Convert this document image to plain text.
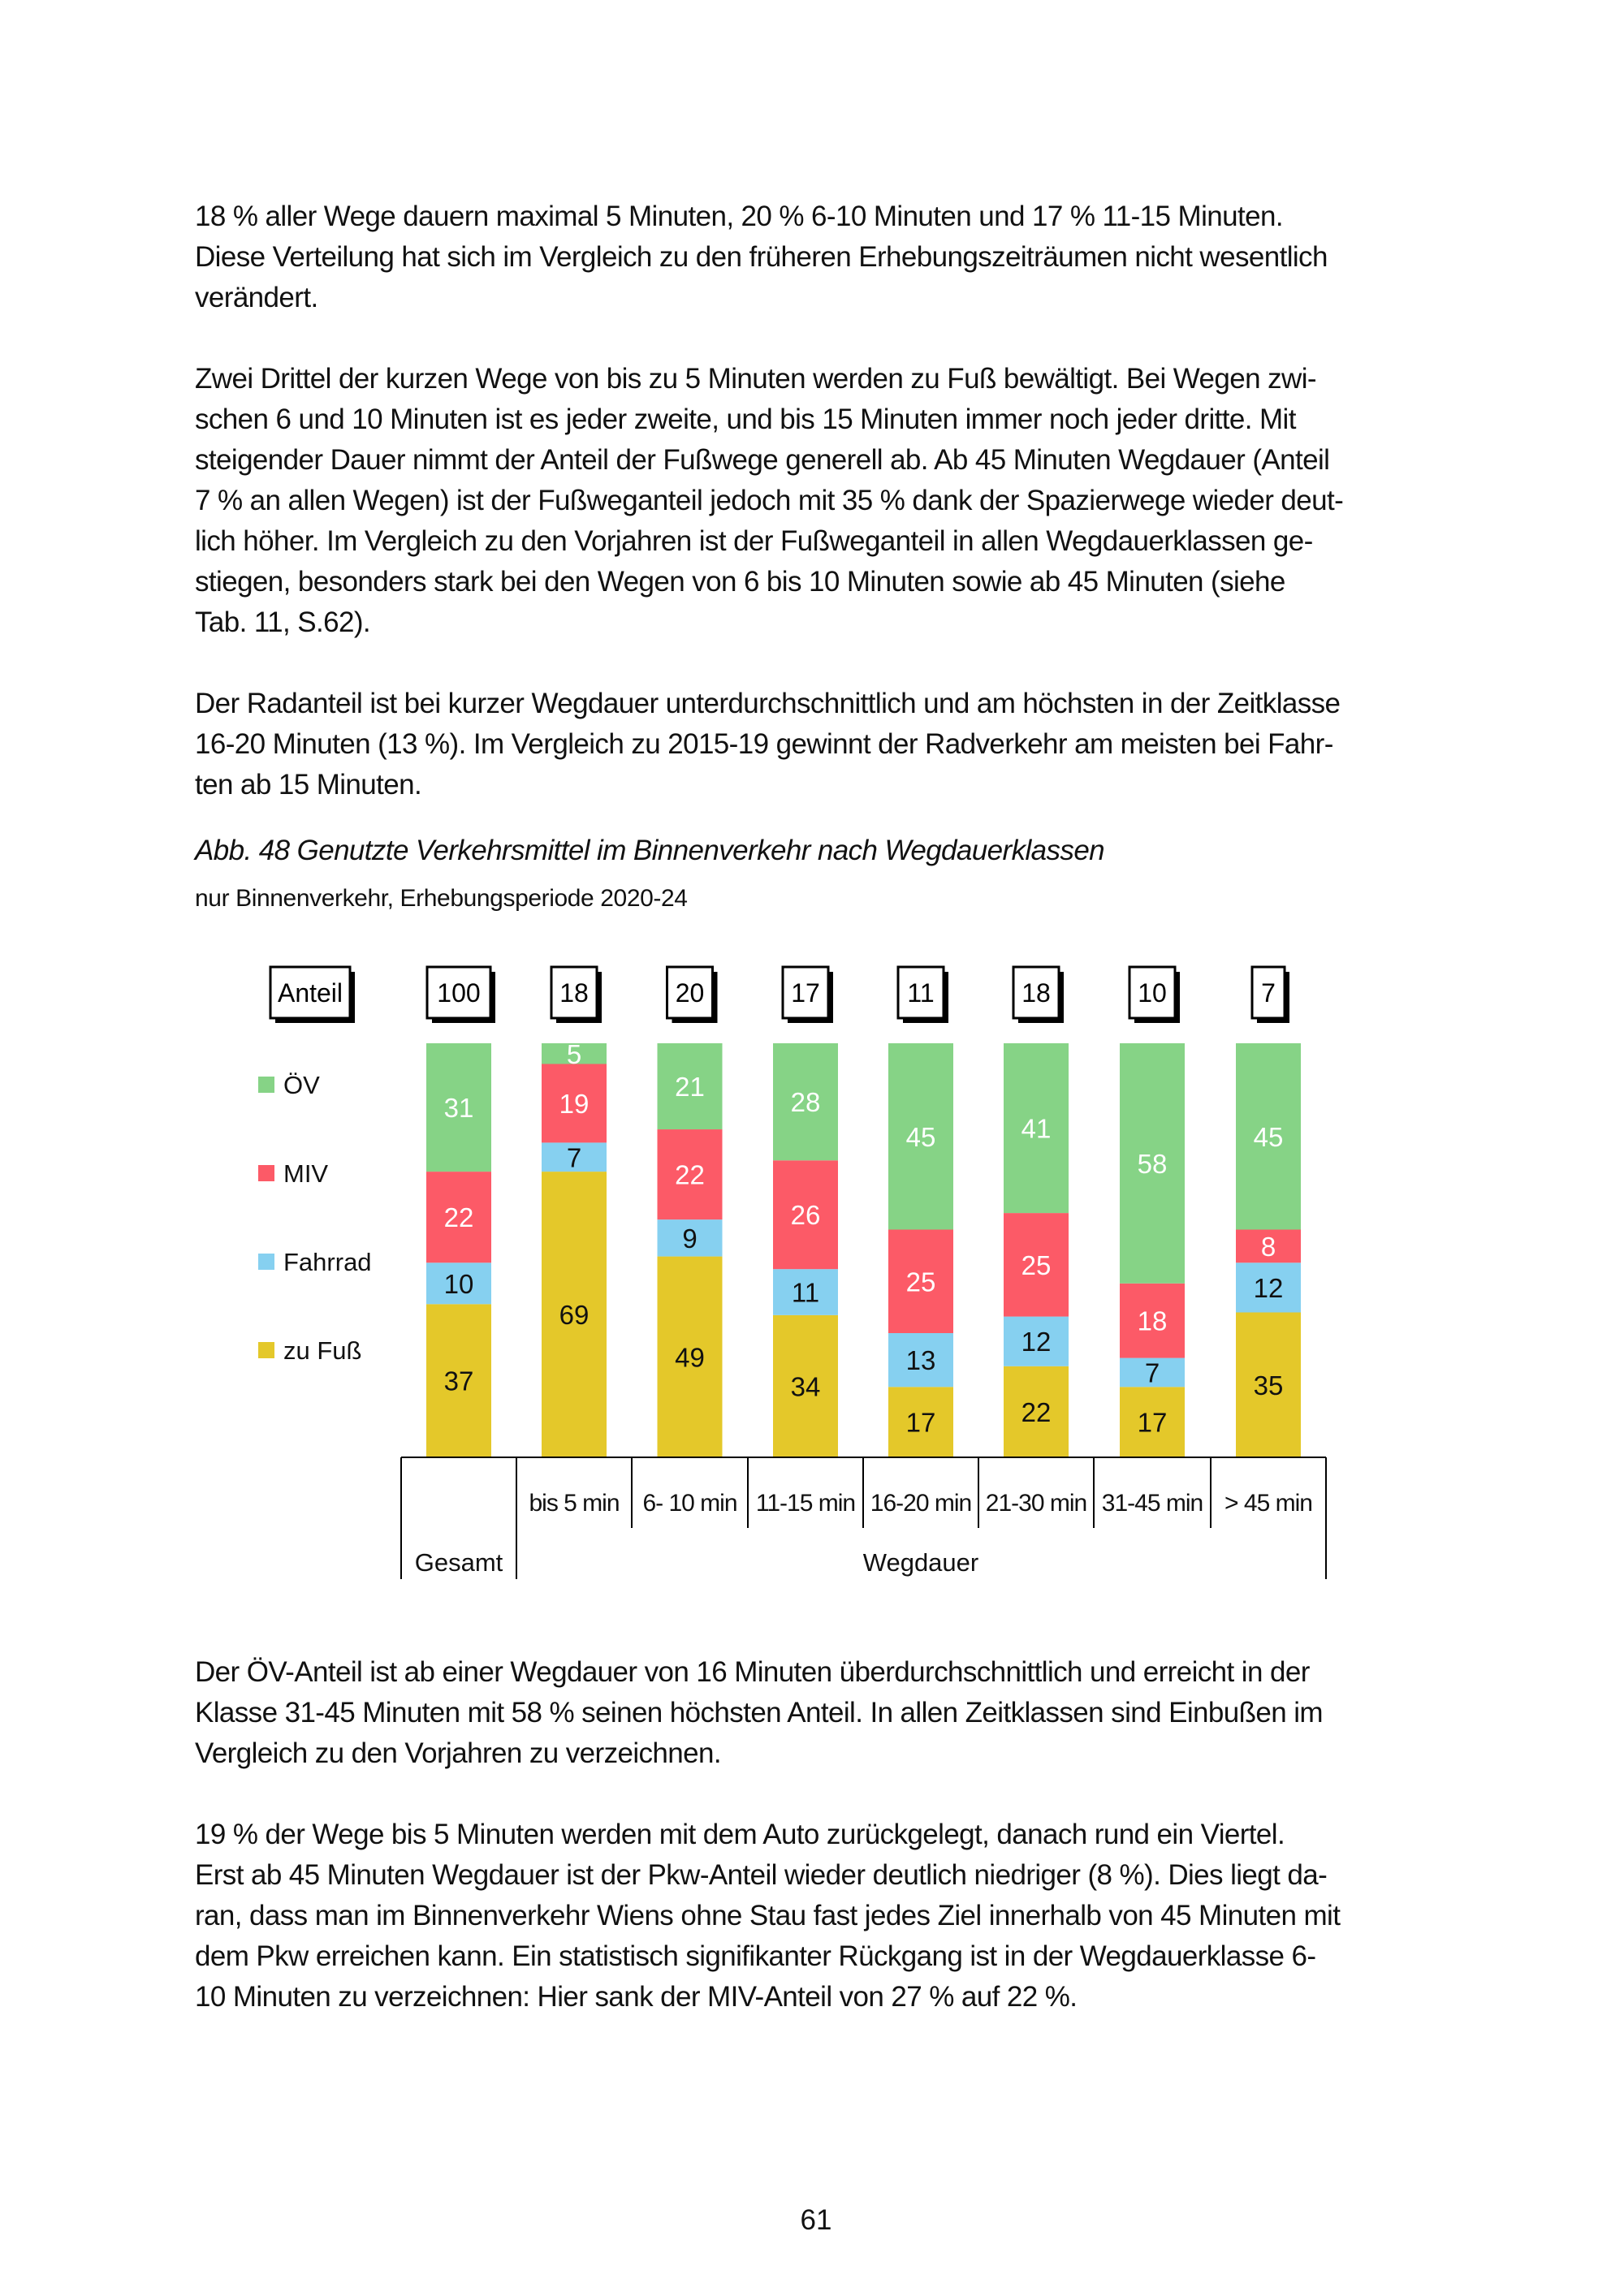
18 % aller Wege dauern maximal 5 Minuten, 20 % 6-10 Minuten und 17 % 11-15 Minuten.
Diese Verteilung hat sich im Vergleich zu den früheren Erhebungszeiträumen nicht wesentlich
verändert.
Zwei Drittel der kurzen Wege von bis zu 5 Minuten werden zu Fuß bewältigt. Bei Wegen zwi-
schen 6 und 10 Minuten ist es jeder zweite, und bis 15 Minuten immer noch jeder dritte. Mit
steigender Dauer nimmt der Anteil der Fußwege generell ab. Ab 45 Minuten Wegdauer (Anteil
7 % an allen Wegen) ist der Fußweganteil jedoch mit 35 % dank der Spazierwege wieder deut-
lich höher. Im Vergleich zu den Vorjahren ist der Fußweganteil in allen Wegdauerklassen ge-
stiegen, besonders stark bei den Wegen von 6 bis 10 Minuten sowie ab 45 Minuten (siehe
Tab. 11, S.62).
Der Radanteil ist bei kurzer Wegdauer unterdurchschnittlich und am höchsten in der Zeitklasse
16-20 Minuten (13 %). Im Vergleich zu 2015-19 gewinnt der Radverkehr am meisten bei Fahr-
ten ab 15 Minuten.
Abb. 48 Genutzte Verkehrsmittel im Binnenverkehr nach Wegdauerklassen
nur Binnenverkehr, Erhebungsperiode 2020-24
Anteil	100
37
10
22
31
18
69
7
19
5
bis 5 min
20
49
9
22
21
6- 10 min
17
34
11
26
28
11-15 min
11
17
13
25
45
16-20 min
18
22
12
25
41
21-30 min
10
17
7
18
58
31-45 min
7
35
12
8
45
> 45 min
Gesamt	Wegdauer
ÖV
MIV
Fahrrad
zu Fuß
Der ÖV-Anteil ist ab einer Wegdauer von 16 Minuten überdurchschnittlich und erreicht in der
Klasse 31-45 Minuten mit 58 % seinen höchsten Anteil. In allen Zeitklassen sind Einbußen im
Vergleich zu den Vorjahren zu verzeichnen.
19 % der Wege bis 5 Minuten werden mit dem Auto zurückgelegt, danach rund ein Viertel.
Erst ab 45 Minuten Wegdauer ist der Pkw-Anteil wieder deutlich niedriger (8 %). Dies liegt da-
ran, dass man im Binnenverkehr Wiens ohne Stau fast jedes Ziel innerhalb von 45 Minuten mit
dem Pkw erreichen kann. Ein statistisch signifikanter Rückgang ist in der Wegdauerklasse 6-
10 Minuten zu verzeichnen: Hier sank der MIV-Anteil von 27 % auf 22 %.
61
